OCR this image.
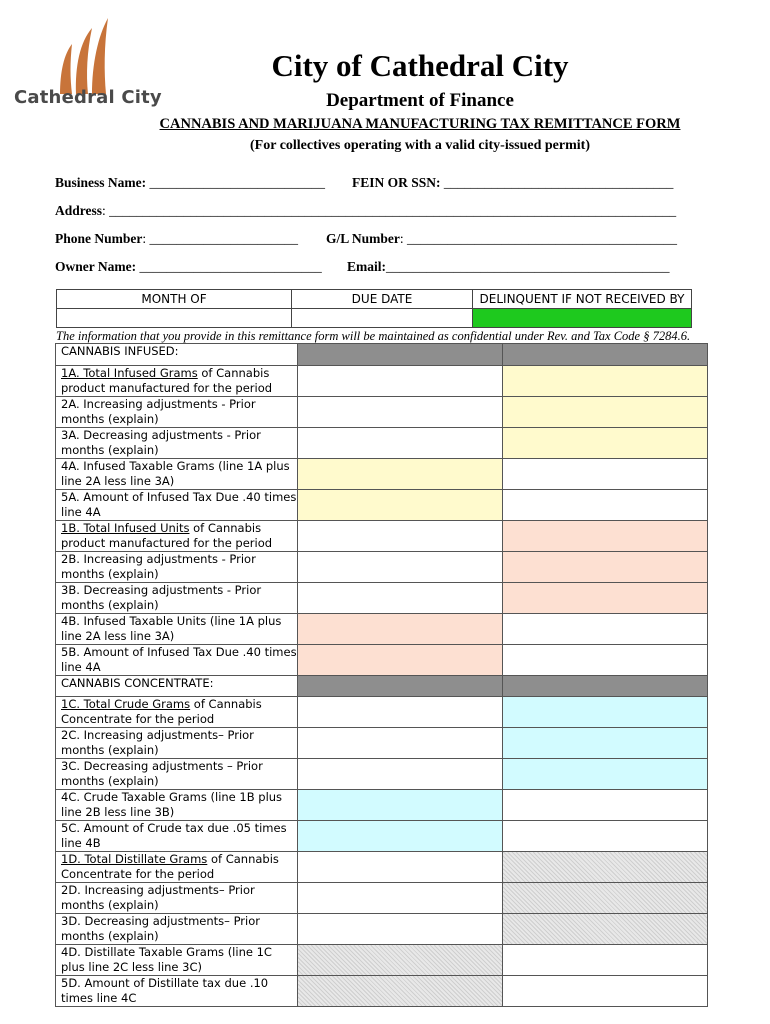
Cathedral City
City of Cathedral City
Department of Finance
CANNABIS AND MARIJUANA MANUFACTURING TAX REMITTANCE FORM
(For collectives operating with a valid city-issued permit)
Business Name: __________________________ FEIN OR SSN: __________________________________
Address: ____________________________________________________________________________________
Phone Number: ______________________ G/L Number: ________________________________________
Owner Name: ___________________________ Email:__________________________________________
MONTH OF	DUE DATE	DELINQUENT IF NOT RECEIVED BY

The information that you provide in this remittance form will be maintained as confidential under Rev. and Tax Code § 7284.6.
CANNABIS INFUSED:		
1A. Total Infused Grams of Cannabis product manufactured for the period		
2A. Increasing adjustments - Prior months (explain)		
3A. Decreasing adjustments - Prior months (explain)		
4A. Infused Taxable Grams (line 1A plus line 2A less line 3A)		
5A. Amount of Infused Tax Due .40 times line 4A		
1B. Total Infused Units of Cannabis product manufactured for the period		
2B. Increasing adjustments - Prior months (explain)		
3B. Decreasing adjustments - Prior months (explain)		
4B. Infused Taxable Units (line 1A plus line 2A less line 3A)		
5B. Amount of Infused Tax Due .40 times line 4A		
CANNABIS CONCENTRATE:		
1C. Total Crude Grams of Cannabis Concentrate for the period		
2C. Increasing adjustments– Prior months (explain)		
3C. Decreasing adjustments – Prior months (explain)		
4C. Crude Taxable Grams (line 1B plus line 2B less line 3B)		
5C. Amount of Crude tax due .05 times line 4B		
1D. Total Distillate Grams of Cannabis Concentrate for the period		
2D. Increasing adjustments– Prior months (explain)		
3D. Decreasing adjustments– Prior months (explain)		
4D. Distillate Taxable Grams (line 1C plus line 2C less line 3C)		
5D. Amount of Distillate tax due .10 times line 4C		
